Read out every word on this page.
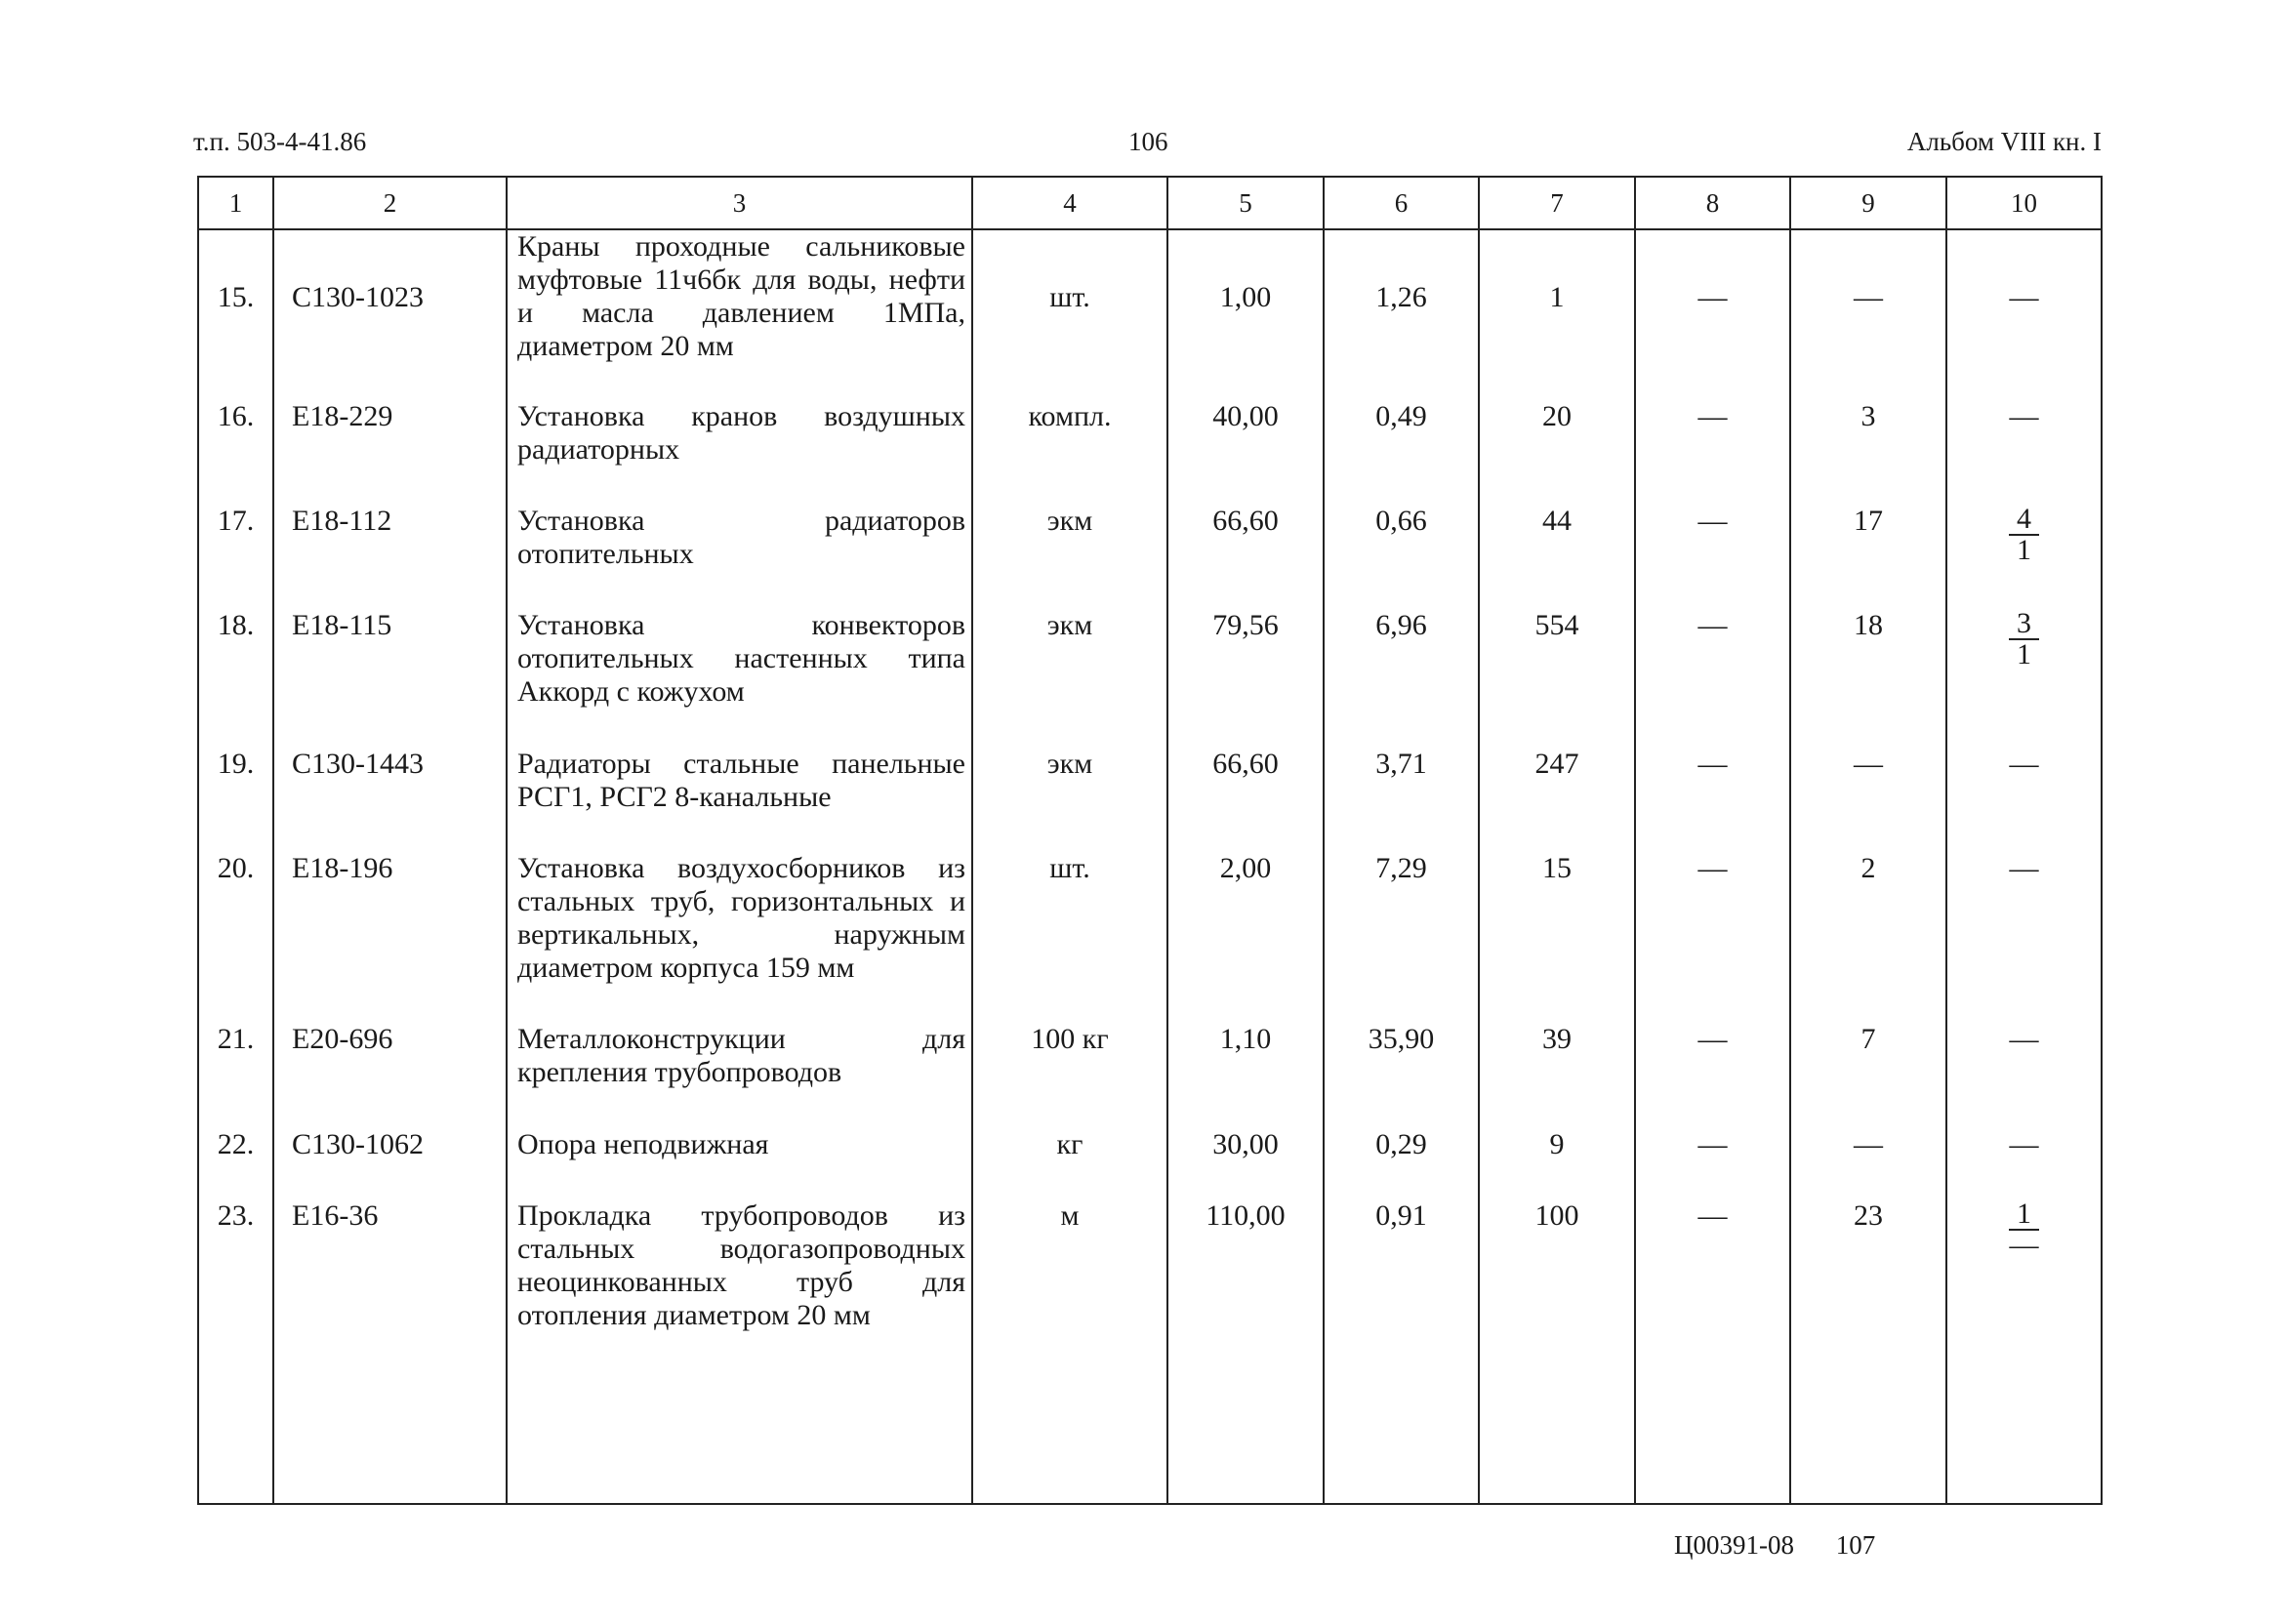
т.п. 503-4-41.86	106	Альбом VIII кн. I
1	2	3	4	5	6	7	8	9	10
15.	С130-1023	Краны проходные сальниковые муфтовые 11ч6бк для воды, нефти и масла давлением 1МПа, диаметром 20 мм	шт.	1,00	1,26	1	—	—	—
16.	Е18-229	Установка кранов воздушных радиаторных	компл.	40,00	0,49	20	—	3	—
17.	Е18-112	Установка радиаторов отопительных	экм	66,60	0,66	44	—	17	$\frac{4}{1}$

18.	Е18-115	Установка конвекторов отопительных настенных типа Аккорд с кожухом	экм	79,56	6,96	554	—	18	$\frac{3}{1}$

19.	С130-1443	Радиаторы стальные панельные РСГ1, РСГ2 8-канальные	экм	66,60	3,71	247	—	—	—
20.	Е18-196	Установка воздухосборников из стальных труб, горизонтальных и вертикальных, наружным диаметром корпуса 159 мм	шт.	2,00	7,29	15	—	2	—
21.	Е20-696	Металлоконструкции для крепления трубопроводов	100 кг	1,10	35,90	39	—	7	—
22.	С130-1062	Опора неподвижная	кг	30,00	0,29	9	—	—	—
23.	Е16-36	Прокладка трубопроводов из стальных водогазопроводных неоцинкованных труб для отопления диаметром 20 мм	м	110,00	0,91	100	—	23	$\frac{1}{—}$
Ц00391-08 107
